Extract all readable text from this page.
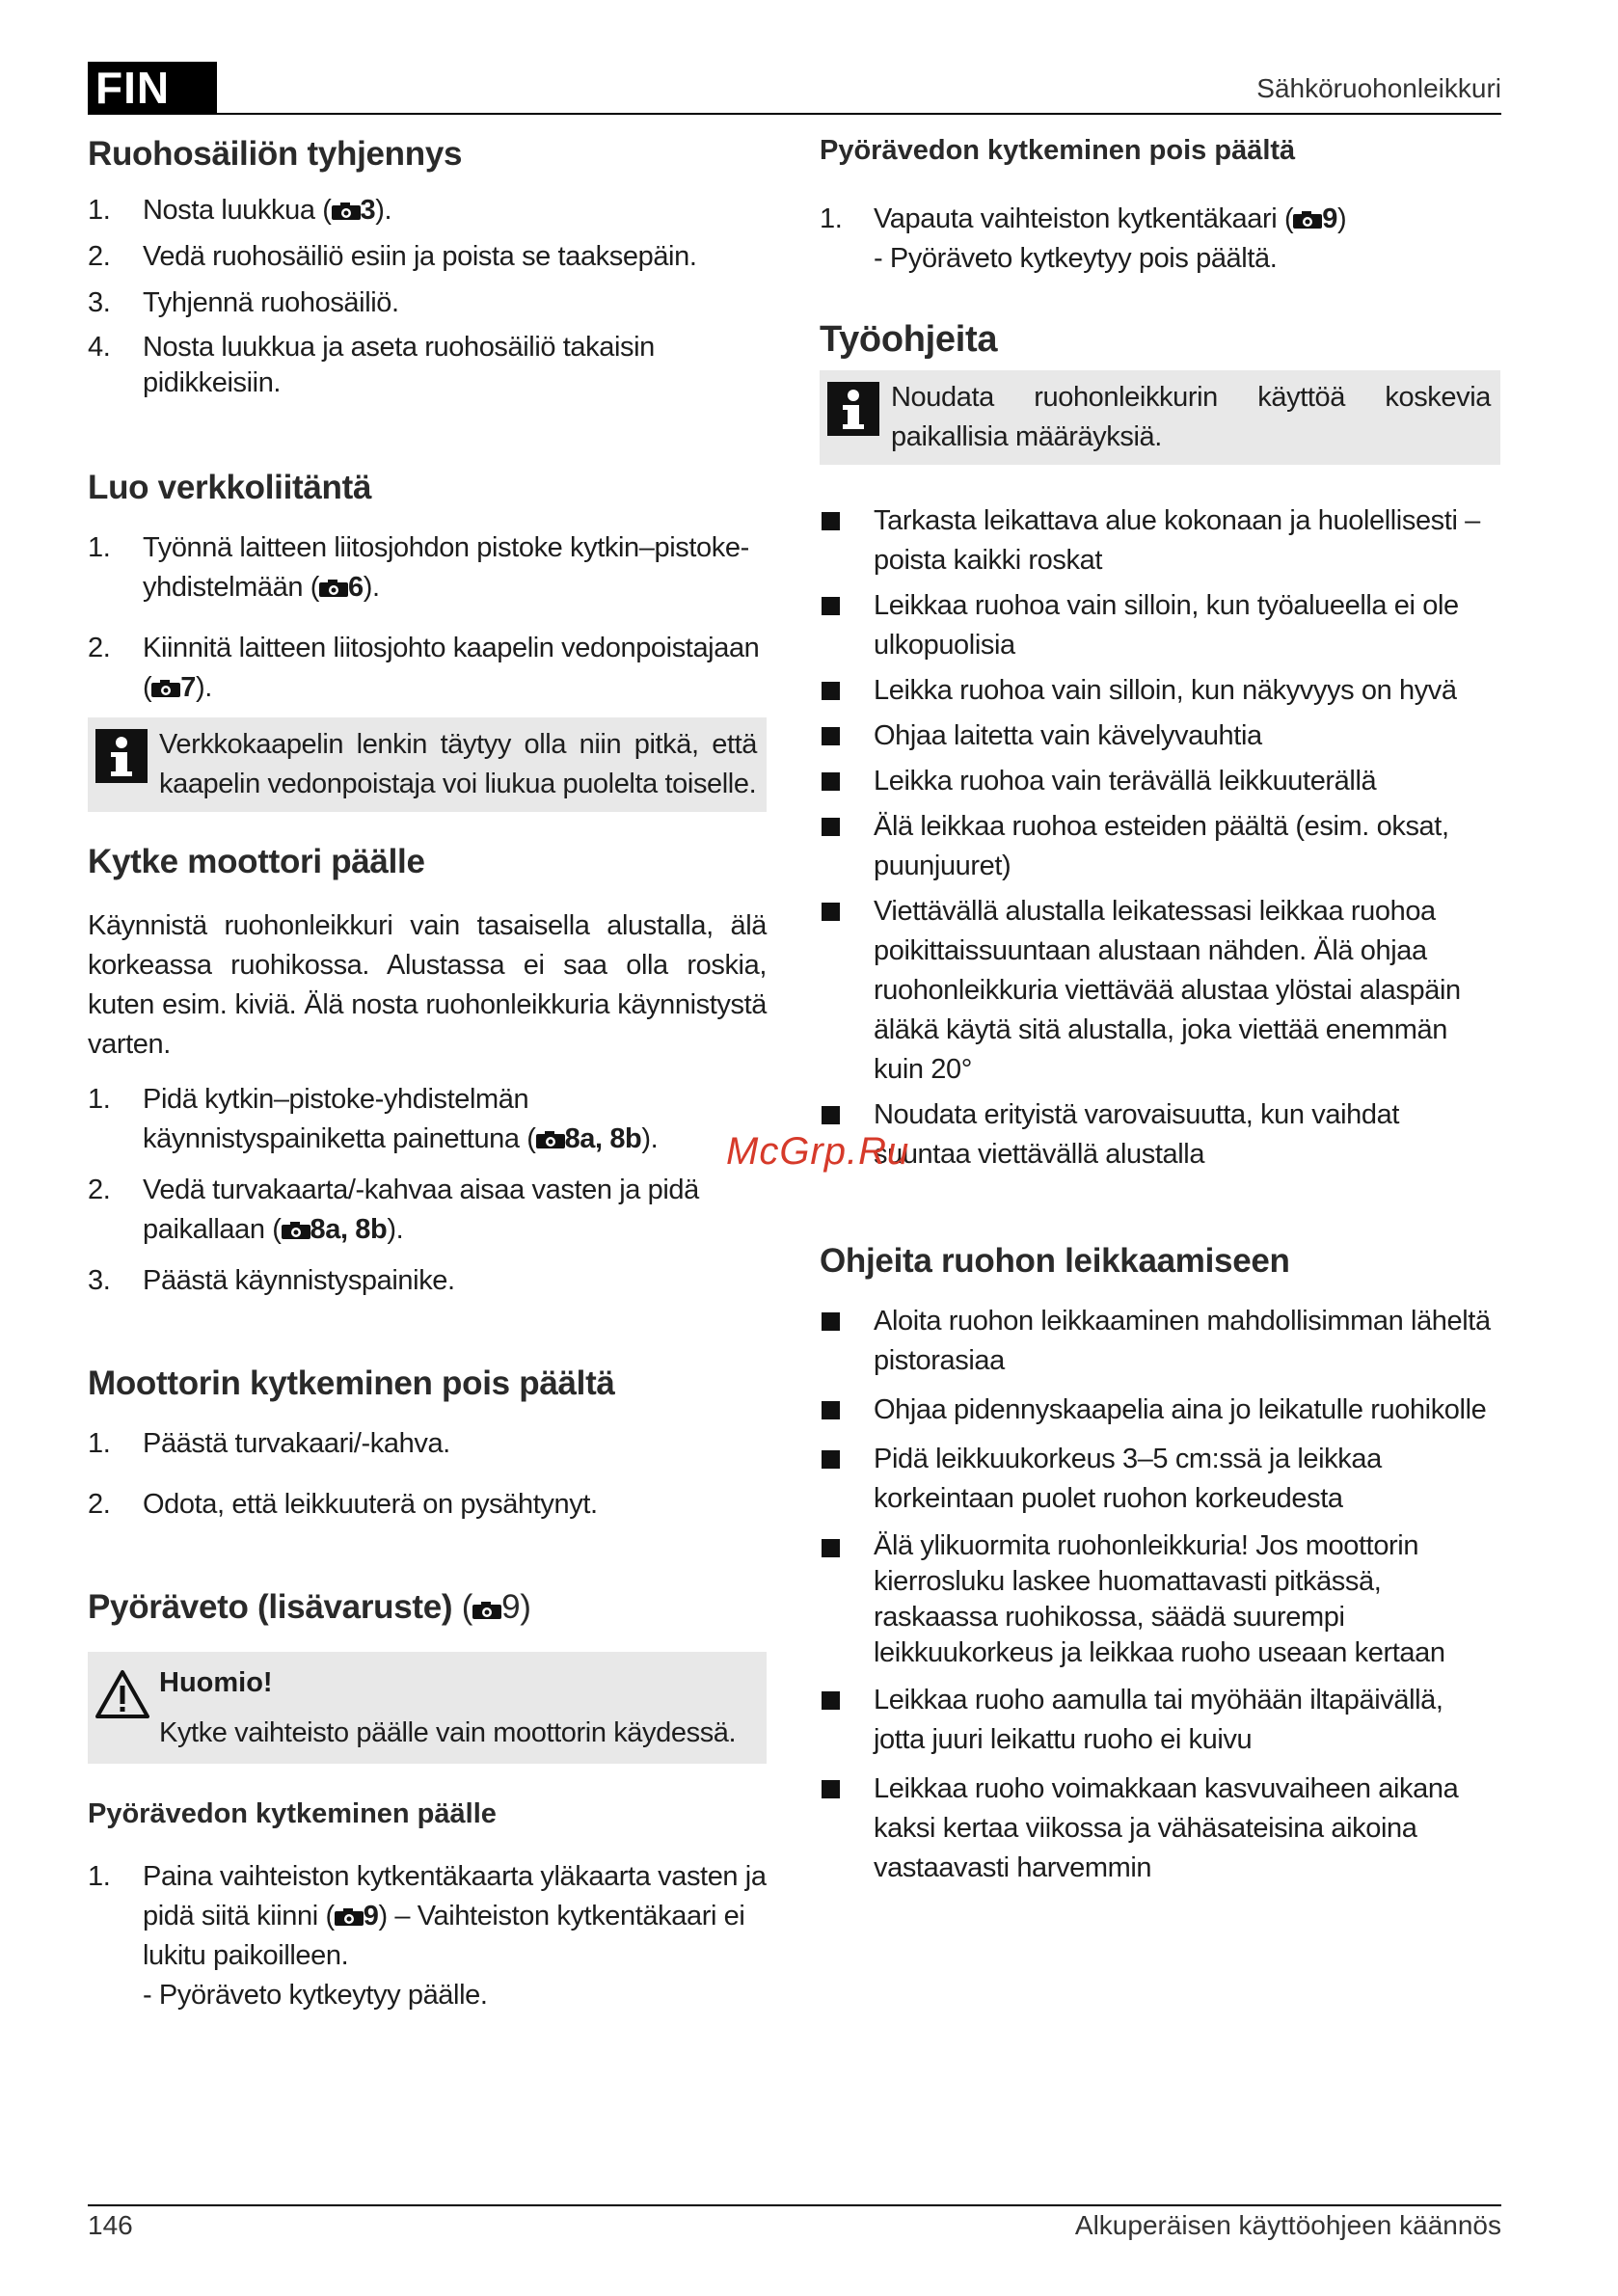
FIN	Sähköruohonleikkuri
Ruohosäiliön tyhjennys
1. Nosta luukkua ( 3).
2. Vedä ruohosäiliö esiin ja poista se taaksepäin.
3. Tyhjennä ruohosäiliö.
4. Nosta luukkua ja aseta ruohosäiliö takaisin pidikkeisiin.
Luo verkkoliitäntä
1. Työnnä laitteen liitosjohdon pistoke kytkin–pistoke-yhdistelmään ( 6).
2. Kiinnitä laitteen liitosjohto kaapelin vedonpoistajaan ( 7).

Verkkokaapelin lenkin täytyy olla niin pitkä, että kaapelin vedonpoistaja voi liukua puolelta toiselle.

Kytke moottori päälle

Käynnistä ruohonleikkuri vain tasaisella alustalla, älä korkeassa ruohikossa. Alustassa ei saa olla roskia, kuten esim. kiviä. Älä nosta ruohonleikkuria käynnistystä varten.

1. Pidä kytkin–pistoke-yhdistelmän käynnistyspainiketta painettuna ( 8a, 8b).
2. Vedä turvakaarta/-kahvaa aisaa vasten ja pidä paikallaan ( 8a, 8b).
3. Päästä käynnistyspainike.
Moottorin kytkeminen pois päältä
1. Päästä turvakaari/-kahva.
2. Odota, että leikkuuterä on pysähtynyt.
Pyöräveto (lisävaruste) ( 9)
Huomio!
Kytke vaihteisto päälle vain moottorin käydessä.
Pyörävedon kytkeminen päälle
1. Paina vaihteiston kytkentäkaarta yläkaarta vasten ja pidä siitä kiinni ( 9) – Vaihteiston kytkentäkaari ei lukitu paikoilleen.
- Pyöräveto kytkeytyy päälle.
Pyörävedon kytkeminen pois päältä
1. Vapauta vaihteiston kytkentäkaari ( 9)
- Pyöräveto kytkeytyy pois päältä.
Työohjeita

Noudata ruohonleikkurin käyttöä koskevia paikallisia määräyksiä.

Tarkasta leikattava alue kokonaan ja huolellisesti – poista kaikki roskat
Leikkaa ruohoa vain silloin, kun työalueella ei ole ulkopuolisia
Leikka ruohoa vain silloin, kun näkyvyys on hyvä
Ohjaa laitetta vain kävelyvauhtia
Leikka ruohoa vain terävällä leikkuuterällä
Älä leikkaa ruohoa esteiden päältä (esim. oksat, puunjuuret)
Viettävällä alustalla leikatessasi leikkaa ruohoa poikittaissuuntaan alustaan nähden. Älä ohjaa ruohonleikkuria viettävää alustaa ylöstai alaspäin äläkä käytä sitä alustalla, joka viettää enemmän kuin 20°
Noudata erityistä varovaisuutta, kun vaihdat suuntaa viettävällä alustalla
Ohjeita ruohon leikkaamiseen
Aloita ruohon leikkaaminen mahdollisimman läheltä pistorasiaa
Ohjaa pidennyskaapelia aina jo leikatulle ruohikolle
Pidä leikkuukorkeus 3–5 cm:ssä ja leikkaa korkeintaan puolet ruohon korkeudesta
Älä ylikuormita ruohonleikkuria! Jos moottorin kierrosluku laskee huomattavasti pitkässä, raskaassa ruohikossa, säädä suurempi leikkuukorkeus ja leikkaa ruoho useaan kertaan
Leikkaa ruoho aamulla tai myöhään iltapäivällä, jotta juuri leikattu ruoho ei kuivu
Leikkaa ruoho voimakkaan kasvuvaiheen aikana kaksi kertaa viikossa ja vähäsateisina aikoina vastaavasti harvemmin
McGrp.Ru
146	Alkuperäisen käyttöohjeen käännös
